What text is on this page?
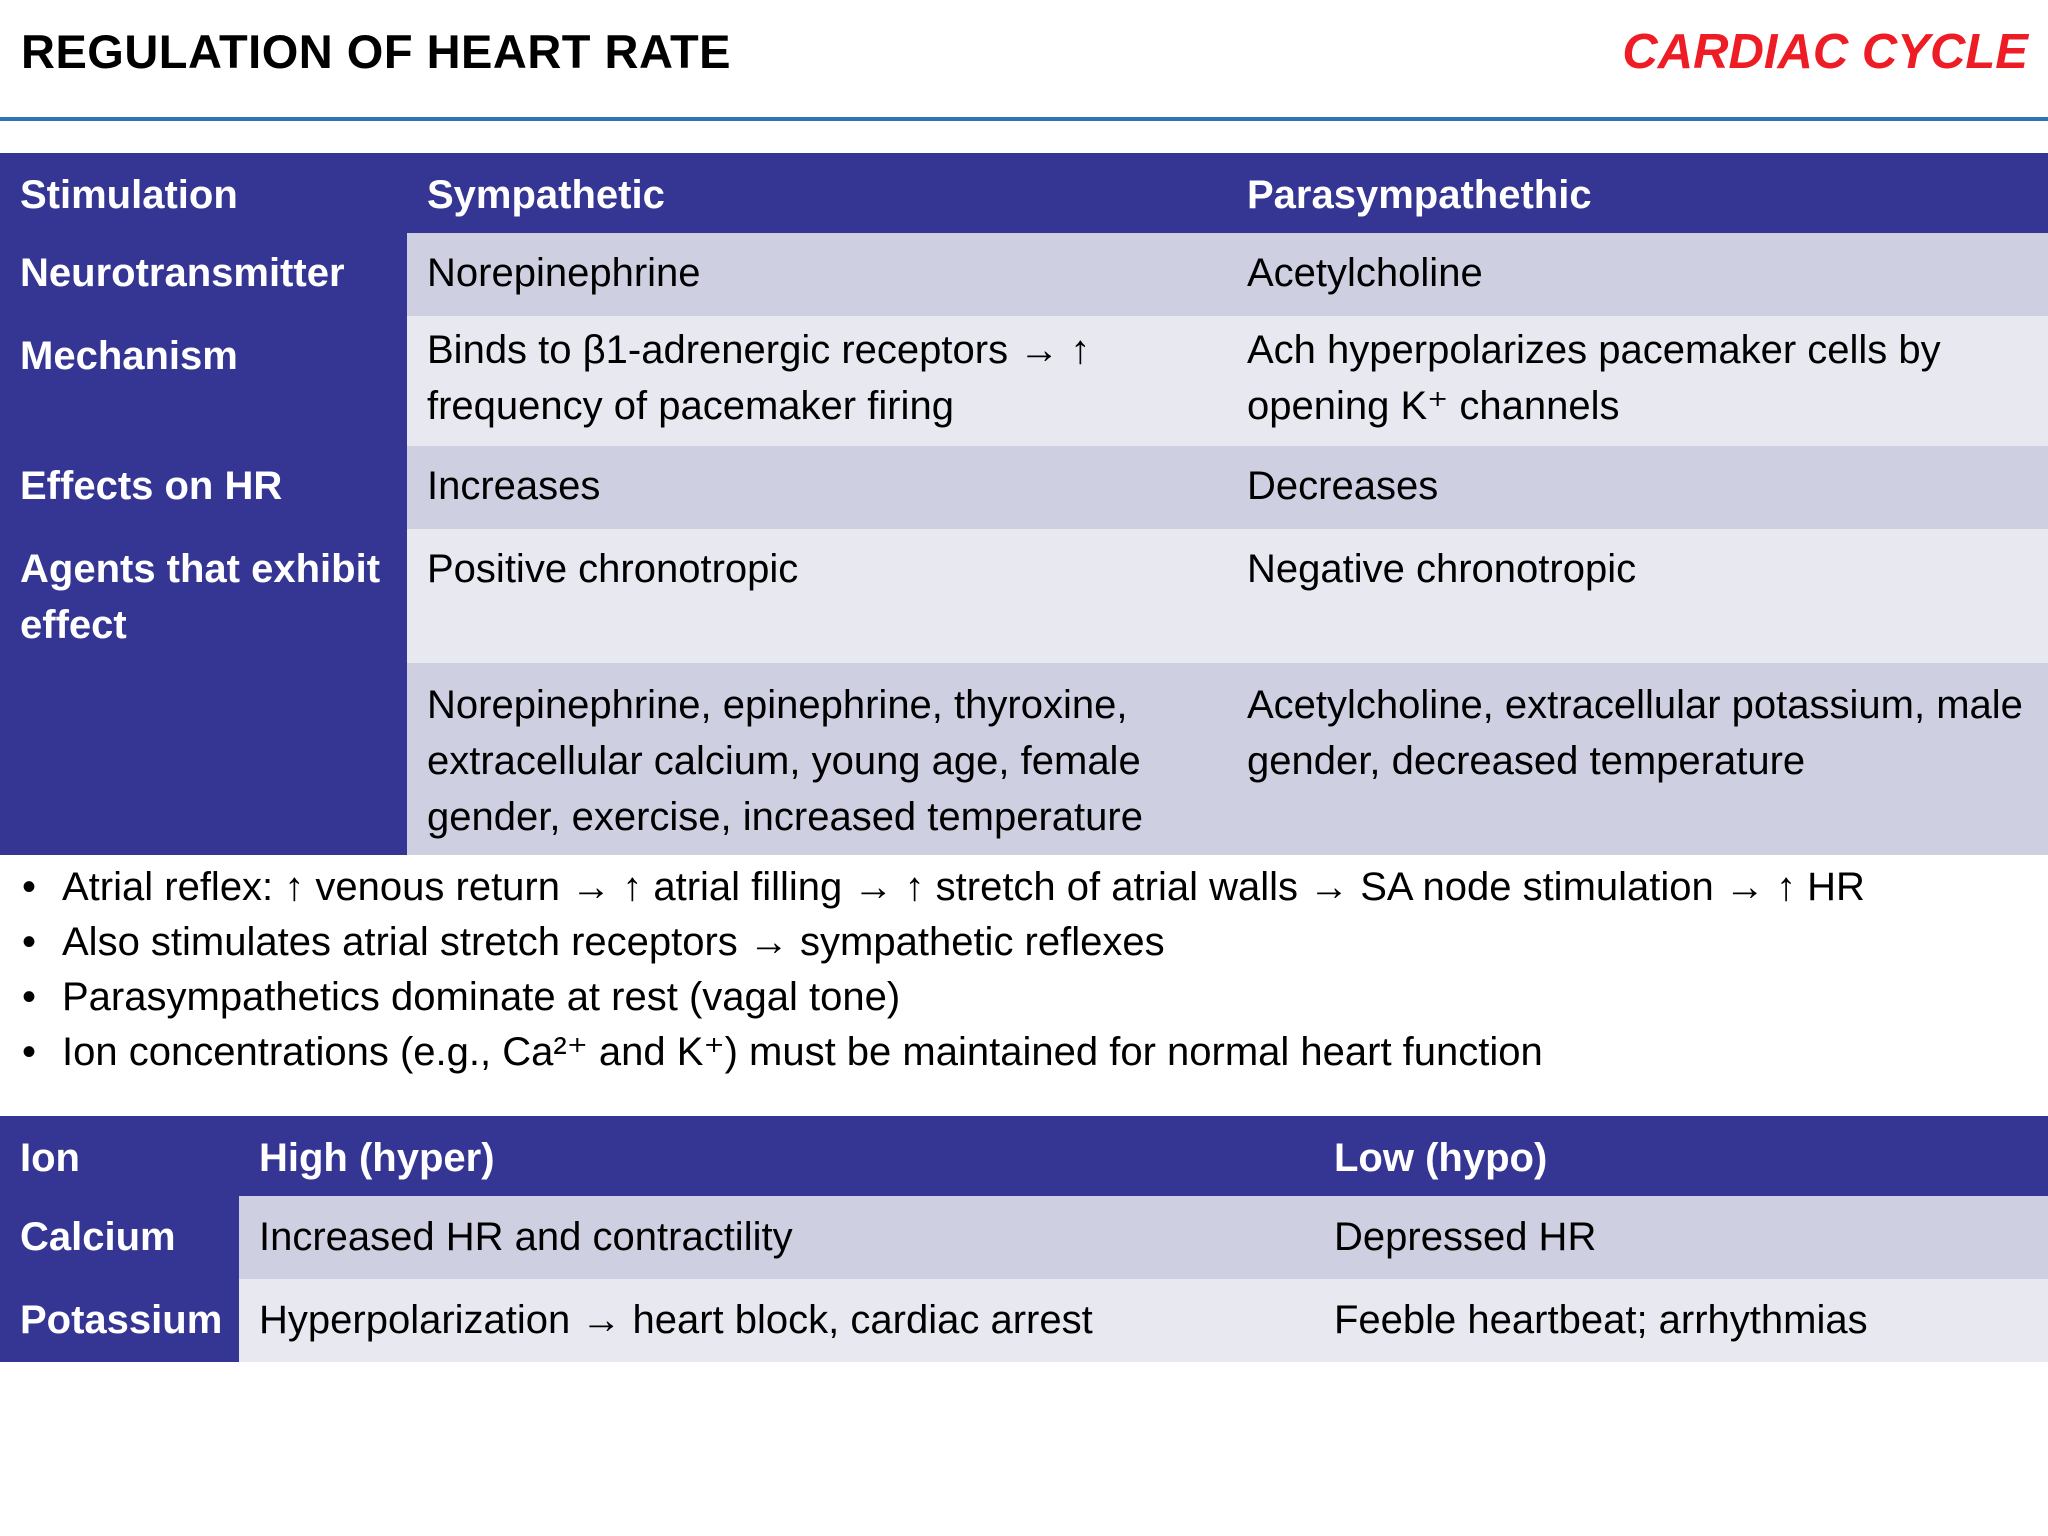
REGULATION OF HEART RATE	CARDIAC CYCLE
Stimulation	Sympathetic	Parasympathethic
Neurotransmitter	Norepinephrine	Acetylcholine
Mechanism	Binds to β1-adrenergic receptors → ↑ frequency of pacemaker firing	Ach hyperpolarizes pacemaker cells by opening K⁺ channels
Effects on HR	Increases	Decreases
Agents that exhibit effect	Positive chronotropic	Negative chronotropic
	Norepinephrine, epinephrine, thyroxine, extracellular calcium, young age, female gender, exercise, increased temperature	Acetylcholine, extracellular potassium, male gender, decreased temperature
• Atrial reflex: ↑ venous return → ↑ atrial filling → ↑ stretch of atrial walls → SA node stimulation → ↑ HR
• Also stimulates atrial stretch receptors → sympathetic reflexes
• Parasympathetics dominate at rest (vagal tone)
• Ion concentrations (e.g., Ca²⁺ and K⁺) must be maintained for normal heart function
Ion	High (hyper)	Low (hypo)
Calcium	Increased HR and contractility	Depressed HR
Potassium	Hyperpolarization → heart block, cardiac arrest	Feeble heartbeat; arrhythmias
